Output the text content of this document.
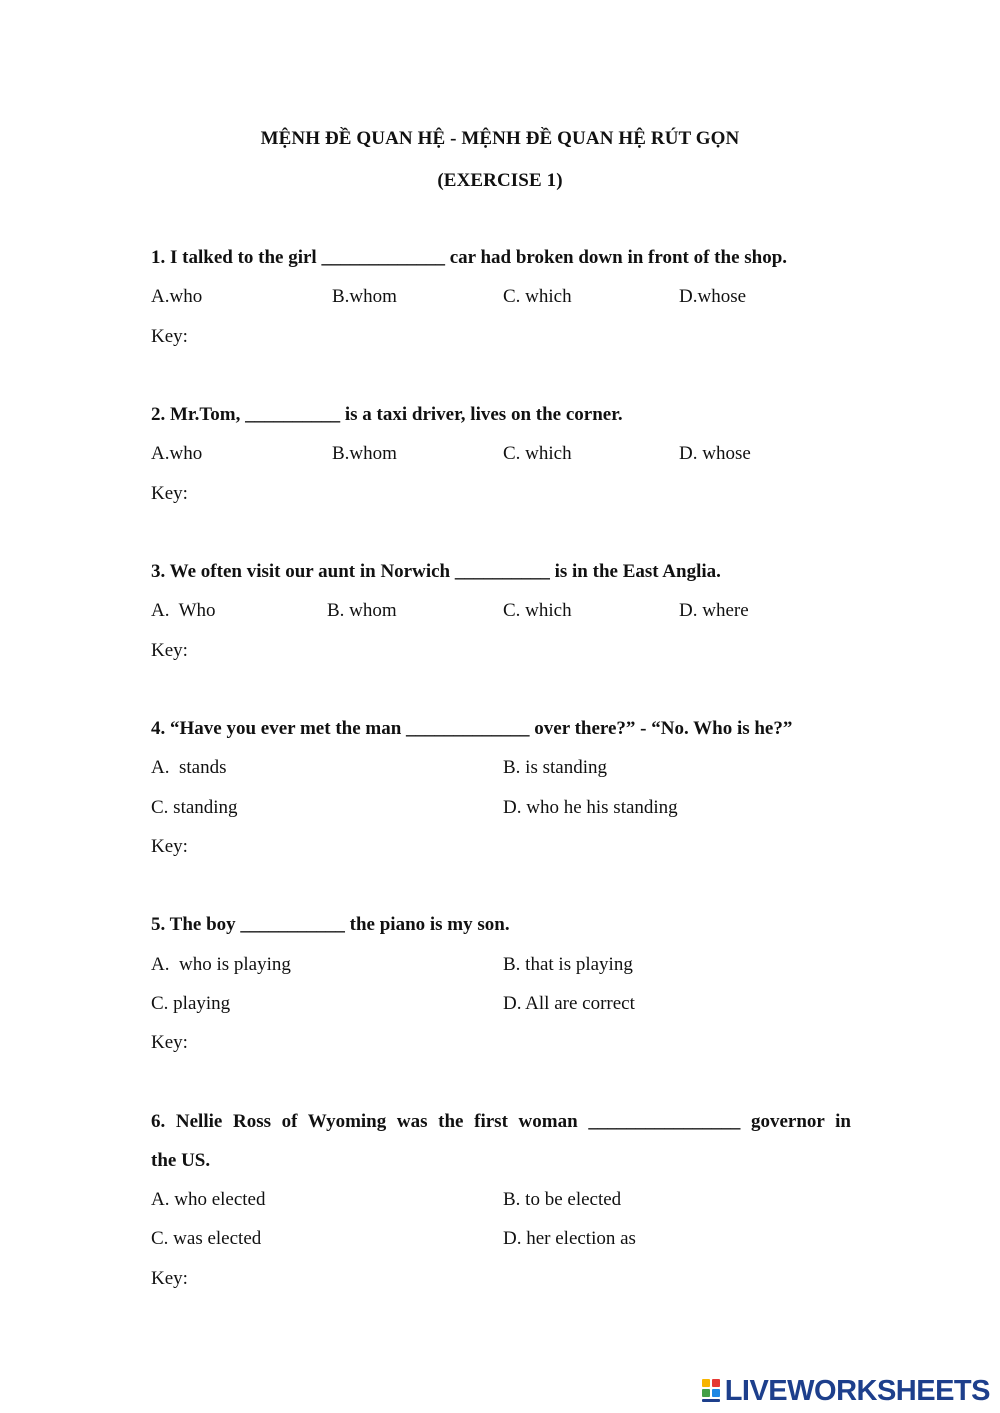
MỆNH ĐỀ QUAN HỆ - MỆNH ĐỀ QUAN HỆ RÚT GỌN
(EXERCISE 1)
1. I talked to the girl _____________ car had broken down in front of the shop.
A.who	B.whom	C. which	D.whose
Key:
2. Mr.Tom, __________ is a taxi driver, lives on the corner.
A.who	B.whom	C. which	D. whose
Key:
3. We often visit our aunt in Norwich __________ is in the East Anglia.
A.  Who	B. whom	C. which	D. where
Key:
4. “Have you ever met the man _____________ over there?” - “No. Who is he?”
A.  stands	B. is standing
C. standing	D. who he his standing
Key:
5. The boy ___________ the piano is my son.
A.  who is playing	B. that is playing
C. playing	D. All are correct
Key:
6. Nellie Ross of Wyoming was the first woman ________________ governor in
the US.
A. who elected	B. to be elected
C. was elected	D. her election as
Key:
LIVEWORKSHEETS
